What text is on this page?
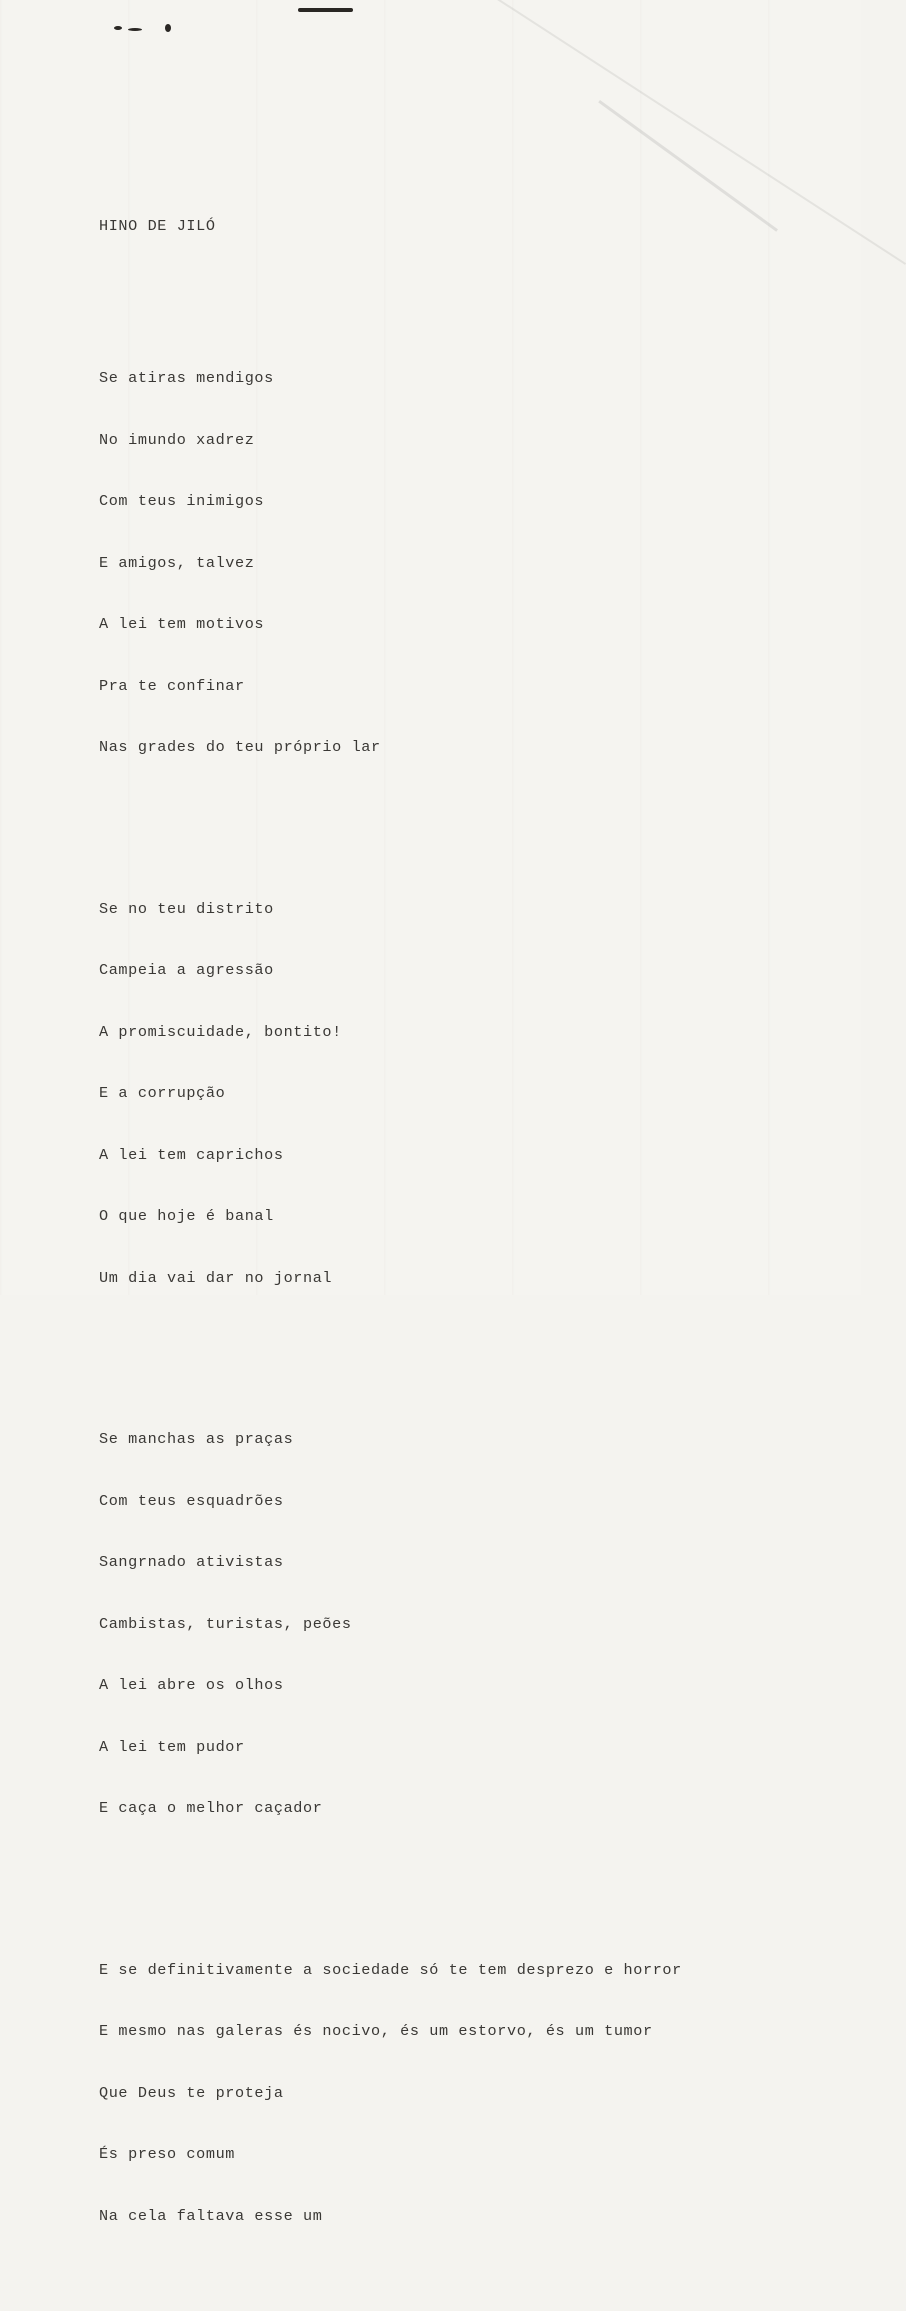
HINO DE JILÓ

Se atiras mendigos

No imundo xadrez

Com teus inimigos

E amigos, talvez

A lei tem motivos

Pra te confinar

Nas grades do teu próprio lar

Se no teu distrito

Campeia a agressão

A promiscuidade, bontito!

E a corrupção

A lei tem caprichos

O que hoje é banal

Um dia vai dar no jornal

Se manchas as praças

Com teus esquadrões

Sangrnado ativistas

Cambistas, turistas, peões

A lei abre os olhos

A lei tem pudor

E caça o melhor caçador

E se definitivamente a sociedade só te tem desprezo e horror

E mesmo nas galeras és nocivo, és um estorvo, és um tumor

Que Deus te proteja

És preso comum

Na cela faltava esse um
